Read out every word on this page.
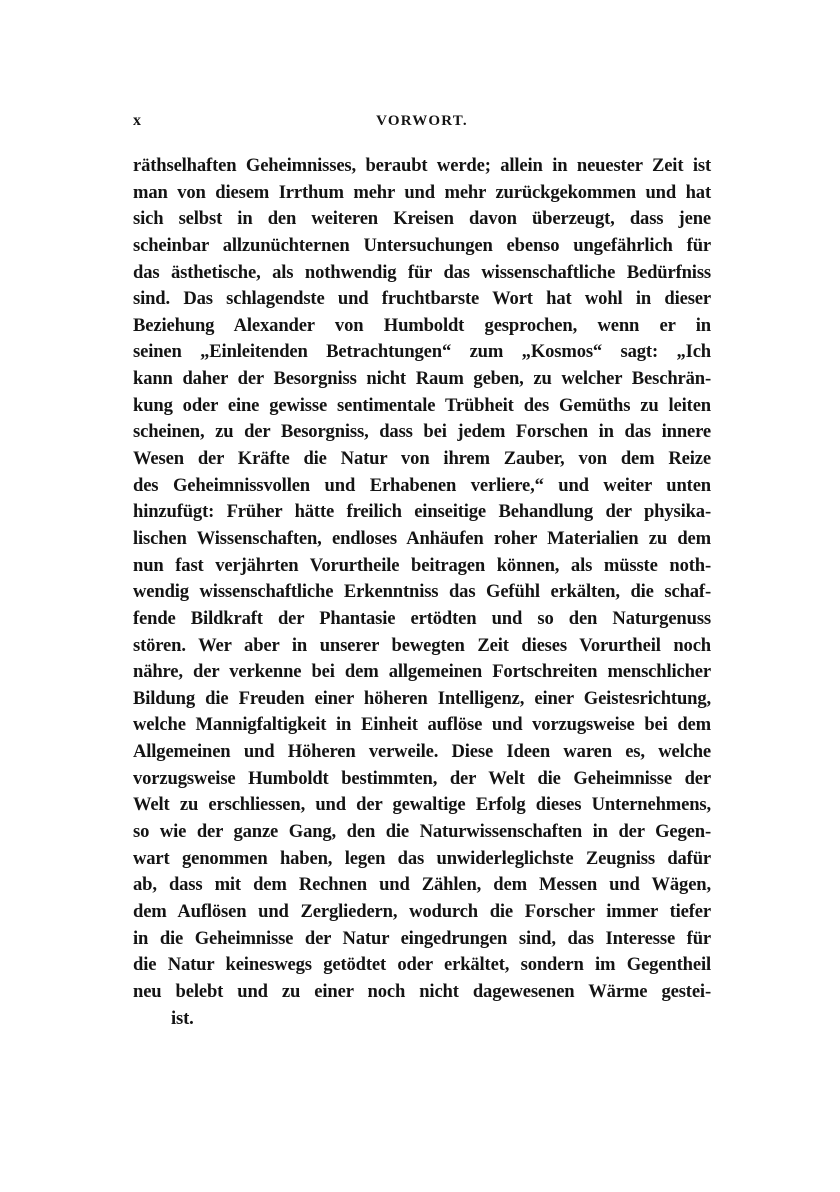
x	VORWORT.
räthselhaften Geheimnisses, beraubt werde; allein in neuester Zeit ist
man von diesem Irrthum mehr und mehr zurückgekommen und hat
sich selbst in den weiteren Kreisen davon überzeugt, dass jene
scheinbar allzunüchternen Untersuchungen ebenso ungefährlich für
das ästhetische, als nothwendig für das wissenschaftliche Bedürfniss
sind. Das schlagendste und fruchtbarste Wort hat wohl in dieser
Beziehung Alexander von Humboldt gesprochen, wenn er in
seinen „Einleitenden Betrachtungen“ zum „Kosmos“ sagt: „Ich
kann daher der Besorgniss nicht Raum geben, zu welcher Beschrän-
kung oder eine gewisse sentimentale Trübheit des Gemüths zu leiten
scheinen, zu der Besorgniss, dass bei jedem Forschen in das innere
Wesen der Kräfte die Natur von ihrem Zauber, von dem Reize
des Geheimnissvollen und Erhabenen verliere,“ und weiter unten
hinzufügt: Früher hätte freilich einseitige Behandlung der physika-
lischen Wissenschaften, endloses Anhäufen roher Materialien zu dem
nun fast verjährten Vorurtheile beitragen können, als müsste noth-
wendig wissenschaftliche Erkenntniss das Gefühl erkälten, die schaf-
fende Bildkraft der Phantasie ertödten und so den Naturgenuss
stören. Wer aber in unserer bewegten Zeit dieses Vorurtheil noch
nähre, der verkenne bei dem allgemeinen Fortschreiten menschlicher
Bildung die Freuden einer höheren Intelligenz, einer Geistesrichtung,
welche Mannigfaltigkeit in Einheit auflöse und vorzugsweise bei dem
Allgemeinen und Höheren verweile. Diese Ideen waren es, welche
vorzugsweise Humboldt bestimmten, der Welt die Geheimnisse der
Welt zu erschliessen, und der gewaltige Erfolg dieses Unternehmens,
so wie der ganze Gang, den die Naturwissenschaften in der Gegen-
wart genommen haben, legen das unwiderleglichste Zeugniss dafür
ab, dass mit dem Rechnen und Zählen, dem Messen und Wägen,
dem Auflösen und Zergliedern, wodurch die Forscher immer tiefer
in die Geheimnisse der Natur eingedrungen sind, das Interesse für
die Natur keineswegs getödtet oder erkältet, sondern im Gegentheil
neu belebt und zu einer noch nicht dagewesenen Wärme gestei-
ist.
